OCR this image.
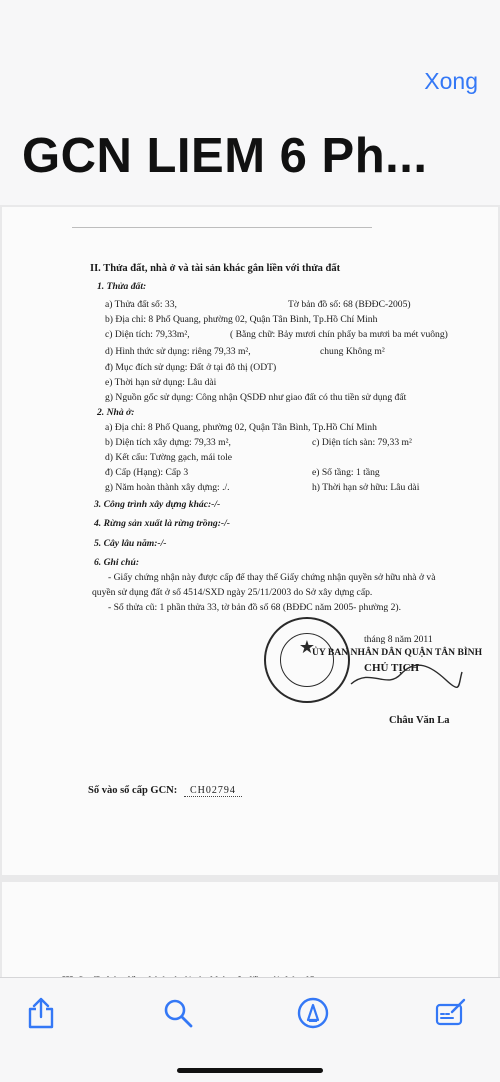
Xong
GCN LIEM 6 Ph...
II. Thửa đất, nhà ở và tài sản khác gắn liền với thửa đất
1. Thửa đất:
a) Thửa đất số: 33,	Tờ bản đồ số: 68 (BĐĐC-2005)
b) Địa chỉ: 8 Phố Quang, phường 02, Quận Tân Bình, Tp.Hồ Chí Minh
c) Diện tích: 79,33m²,	( Bằng chữ: Bảy mươi chín phẩy ba mươi ba mét vuông)
d) Hình thức sử dụng: riêng 79,33 m²,	chung Không m²
đ) Mục đích sử dụng: Đất ở tại đô thị (ODT)
e) Thời hạn sử dụng: Lâu dài
g) Nguồn gốc sử dụng: Công nhận QSDĐ như giao đất có thu tiền sử dụng đất
2. Nhà ở:
a) Địa chỉ: 8 Phố Quang, phường 02, Quận Tân Bình, Tp.Hồ Chí Minh
b) Diện tích xây dựng: 79,33 m²,	c) Diện tích sàn: 79,33 m²
d) Kết cấu: Tường gạch, mái tole
đ) Cấp (Hạng): Cấp 3	e) Số tầng: 1 tầng
g) Năm hoàn thành xây dựng: ./.	h) Thời hạn sở hữu: Lâu dài
3. Công trình xây dựng khác:-/-
4. Rừng sản xuất là rừng trồng:-/-
5. Cây lâu năm:-/-
6. Ghi chú:
- Giấy chứng nhận này được cấp để thay thế Giấy chứng nhận quyền sở hữu nhà ở và
quyền sử dụng đất ở số 4514/SXD ngày 25/11/2003 do Sở xây dựng cấp.
- Số thửa cũ: 1 phần thửa 33, tờ bản đồ số 68 (BĐĐC năm 2005- phường 2).
★	tháng 8 năm 2011
ỦY BAN NHÂN DÂN QUẬN TÂN BÌNH
CHỦ TỊCH
Châu Văn La
Số vào sổ cấp GCN:	CH02794
